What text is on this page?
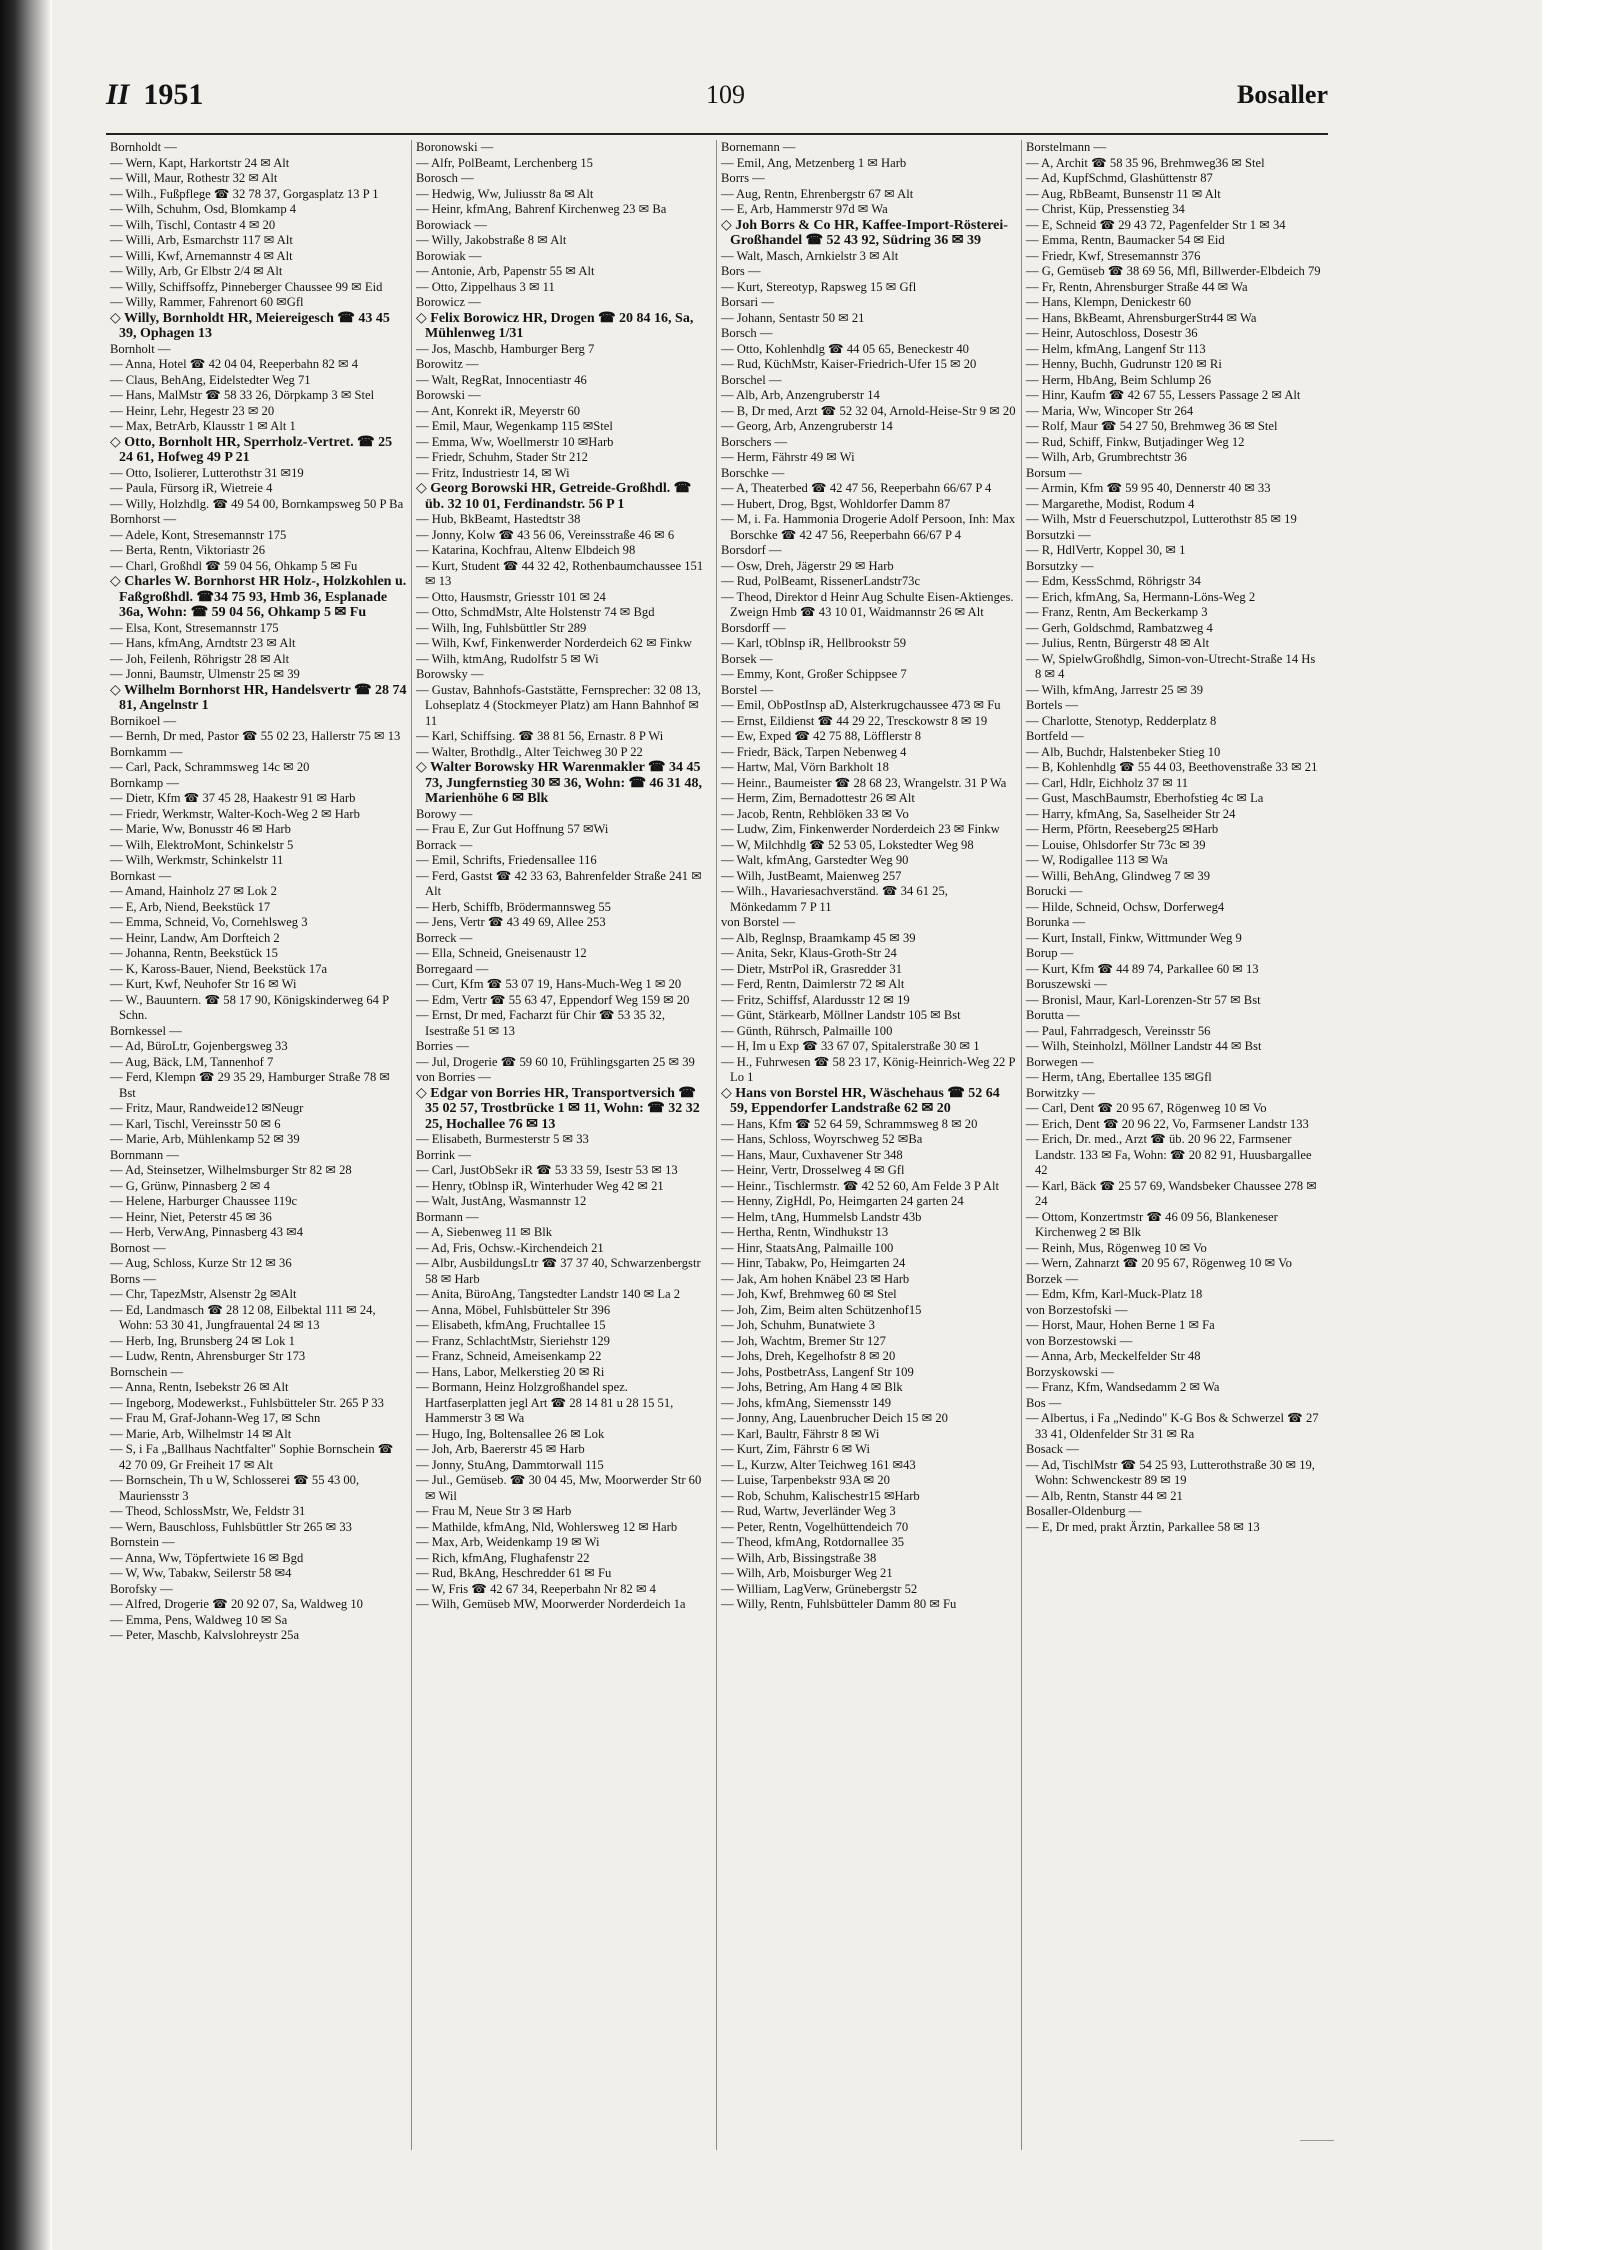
II 1951	109	Bosaller
Bornholdt —
— Wern, Kapt, Harkortstr 24 ✉ Alt
— Will, Maur, Rothestr 32 ✉ Alt
— Wilh., Fußpflege ☎ 32 78 37, Gorgasplatz 13 P 1
— Wilh, Schuhm, Osd, Blomkamp 4
— Wilh, Tischl, Contastr 4 ✉ 20
— Willi, Arb, Esmarchstr 117 ✉ Alt
— Willi, Kwf, Arnemannstr 4 ✉ Alt
— Willy, Arb, Gr Elbstr 2/4 ✉ Alt
— Willy, Schiffsoffz, Pinneberger Chaussee 99 ✉ Eid
— Willy, Rammer, Fahrenort 60 ✉Gfl
◇ Willy, Bornholdt HR, Meiereigesch ☎ 43 45 39, Ophagen 13
Bornholt —
— Anna, Hotel ☎ 42 04 04, Reeperbahn 82 ✉ 4
— Claus, BehAng, Eidelstedter Weg 71
— Hans, MalMstr ☎ 58 33 26, Dörpkamp 3 ✉ Stel
— Heinr, Lehr, Hegestr 23 ✉ 20
— Max, BetrArb, Klausstr 1 ✉ Alt 1
◇ Otto, Bornholt HR, Sperrholz-Vertret. ☎ 25 24 61, Hofweg 49 P 21
— Otto, Isolierer, Lutterothstr 31 ✉19
— Paula, Fürsorg iR, Wietreie 4
— Willy, Holzhdlg. ☎ 49 54 00, Bornkampsweg 50 P Ba
Bornhorst —
— Adele, Kont, Stresemannstr 175
— Berta, Rentn, Viktoriastr 26
— Charl, Großhdl ☎ 59 04 56, Ohkamp 5 ✉ Fu
◇ Charles W. Bornhorst HR Holz-, Holzkohlen u. Faßgroßhdl. ☎34 75 93, Hmb 36, Esplanade 36a, Wohn: ☎ 59 04 56, Ohkamp 5 ✉ Fu
— Elsa, Kont, Stresemannstr 175
— Hans, kfmAng, Arndtstr 23 ✉ Alt
— Joh, Feilenh, Röhrigstr 28 ✉ Alt
— Jonni, Baumstr, Ulmenstr 25 ✉ 39
◇ Wilhelm Bornhorst HR, Handelsvertr ☎ 28 74 81, Angelnstr 1
Bornikoel —
— Bernh, Dr med, Pastor ☎ 55 02 23, Hallerstr 75 ✉ 13
Bornkamm —
— Carl, Pack, Schrammsweg 14c ✉ 20
Bornkamp —
— Dietr, Kfm ☎ 37 45 28, Haakestr 91 ✉ Harb
— Friedr, Werkmstr, Walter-Koch-Weg 2 ✉ Harb
— Marie, Ww, Bonusstr 46 ✉ Harb
— Wilh, ElektroMont, Schinkelstr 5
— Wilh, Werkmstr, Schinkelstr 11
Bornkast —
— Amand, Hainholz 27 ✉ Lok 2
— E, Arb, Niend, Beekstück 17
— Emma, Schneid, Vo, Cornehlsweg 3
— Heinr, Landw, Am Dorfteich 2
— Johanna, Rentn, Beekstück 15
— K, Kaross-Bauer, Niend, Beekstück 17a
— Kurt, Kwf, Neuhofer Str 16 ✉ Wi
— W., Bauuntern. ☎ 58 17 90, Königskinderweg 64 P Schn.
Bornkessel —
— Ad, BüroLtr, Gojenbergsweg 33
— Aug, Bäck, LM, Tannenhof 7
— Ferd, Klempn ☎ 29 35 29, Hamburger Straße 78 ✉ Bst
— Fritz, Maur, Randweide12 ✉Neugr
— Karl, Tischl, Vereinsstr 50 ✉ 6
— Marie, Arb, Mühlenkamp 52 ✉ 39
Bornmann —
— Ad, Steinsetzer, Wilhelmsburger Str 82 ✉ 28
— G, Grünw, Pinnasberg 2 ✉ 4
— Helene, Harburger Chaussee 119c
— Heinr, Niet, Peterstr 45 ✉ 36
— Herb, VerwAng, Pinnasberg 43 ✉4
Bornost —
— Aug, Schloss, Kurze Str 12 ✉ 36
Borns —
— Chr, TapezMstr, Alsenstr 2g ✉Alt
— Ed, Landmasch ☎ 28 12 08, Eilbektal 111 ✉ 24, Wohn: 53 30 41, Jungfrauental 24 ✉ 13
— Herb, Ing, Brunsberg 24 ✉ Lok 1
— Ludw, Rentn, Ahrensburger Str 173
Bornschein —
— Anna, Rentn, Isebekstr 26 ✉ Alt
— Ingeborg, Modewerkst., Fuhlsbütteler Str. 265 P 33
— Frau M, Graf-Johann-Weg 17, ✉ Schn
— Marie, Arb, Wilhelmstr 14 ✉ Alt
— S, i Fa „Ballhaus Nachtfalter" Sophie Bornschein ☎ 42 70 09, Gr Freiheit 17 ✉ Alt
— Bornschein, Th u W, Schlosserei ☎ 55 43 00, Mauriensstr 3
— Theod, SchlossMstr, We, Feldstr 31
— Wern, Bauschloss, Fuhlsbüttler Str 265 ✉ 33
Bornstein —
— Anna, Ww, Töpfertwiete 16 ✉ Bgd
— W, Ww, Tabakw, Seilerstr 58 ✉4
Borofsky —
— Alfred, Drogerie ☎ 20 92 07, Sa, Waldweg 10
— Emma, Pens, Waldweg 10 ✉ Sa
— Peter, Maschb, Kalvslohreystr 25a
Boronowski —
— Alfr, PolBeamt, Lerchenberg 15
Borosch —
— Hedwig, Ww, Juliusstr 8a ✉ Alt
— Heinr, kfmAng, Bahrenf Kirchenweg 23 ✉ Ba
Borowiack —
— Willy, Jakobstraße 8 ✉ Alt
Borowiak —
— Antonie, Arb, Papenstr 55 ✉ Alt
— Otto, Zippelhaus 3 ✉ 11
Borowicz —
◇ Felix Borowicz HR, Drogen ☎ 20 84 16, Sa, Mühlenweg 1/31
— Jos, Maschb, Hamburger Berg 7
Borowitz —
— Walt, RegRat, Innocentiastr 46
Borowski —
— Ant, Konrekt iR, Meyerstr 60
— Emil, Maur, Wegenkamp 115 ✉Stel
— Emma, Ww, Woellmerstr 10 ✉Harb
— Friedr, Schuhm, Stader Str 212
— Fritz, Industriestr 14, ✉ Wi
◇ Georg Borowski HR, Getreide-Großhdl. ☎ üb. 32 10 01, Ferdinandstr. 56 P 1
— Hub, BkBeamt, Hastedtstr 38
— Jonny, Kolw ☎ 43 56 06, Vereinsstraße 46 ✉ 6
— Katarina, Kochfrau, Altenw Elbdeich 98
— Kurt, Student ☎ 44 32 42, Rothenbaumchaussee 151 ✉ 13
— Otto, Hausmstr, Griesstr 101 ✉ 24
— Otto, SchmdMstr, Alte Holstenstr 74 ✉ Bgd
— Wilh, Ing, Fuhlsbüttler Str 289
— Wilh, Kwf, Finkenwerder Norderdeich 62 ✉ Finkw
— Wilh, ktmAng, Rudolfstr 5 ✉ Wi
Borowsky —
— Gustav, Bahnhofs-Gaststätte, Fernsprecher: 32 08 13, Lohseplatz 4 (Stockmeyer Platz) am Hann Bahnhof ✉ 11
— Karl, Schiffsing. ☎ 38 81 56, Ernastr. 8 P Wi
— Walter, Brothdlg., Alter Teichweg 30 P 22
◇ Walter Borowsky HR Warenmakler ☎ 34 45 73, Jungfernstieg 30 ✉ 36, Wohn: ☎ 46 31 48, Marienhöhe 6 ✉ Blk
Borowy —
— Frau E, Zur Gut Hoffnung 57 ✉Wi
Borrack —
— Emil, Schrifts, Friedensallee 116
— Ferd, Gastst ☎ 42 33 63, Bahrenfelder Straße 241 ✉ Alt
— Herb, Schiffb, Brödermannsweg 55
— Jens, Vertr ☎ 43 49 69, Allee 253
Borreck —
— Ella, Schneid, Gneisenaustr 12
Borregaard —
— Curt, Kfm ☎ 53 07 19, Hans-Much-Weg 1 ✉ 20
— Edm, Vertr ☎ 55 63 47, Eppendorf Weg 159 ✉ 20
— Ernst, Dr med, Facharzt für Chir ☎ 53 35 32, Isestraße 51 ✉ 13
Borries —
— Jul, Drogerie ☎ 59 60 10, Frühlingsgarten 25 ✉ 39
von Borries —
◇ Edgar von Borries HR, Transportversich ☎ 35 02 57, Trostbrücke 1 ✉ 11, Wohn: ☎ 32 32 25, Hochallee 76 ✉ 13
— Elisabeth, Burmesterstr 5 ✉ 33
Borrink —
— Carl, JustObSekr iR ☎ 53 33 59, Isestr 53 ✉ 13
— Henry, tOblnsp iR, Winterhuder Weg 42 ✉ 21
— Walt, JustAng, Wasmannstr 12
Bormann —
— A, Siebenweg 11 ✉ Blk
— Ad, Fris, Ochsw.-Kirchendeich 21
— Albr, AusbildungsLtr ☎ 37 37 40, Schwarzenbergstr 58 ✉ Harb
— Anita, BüroAng, Tangstedter Landstr 140 ✉ La 2
— Anna, Möbel, Fuhlsbütteler Str 396
— Elisabeth, kfmAng, Fruchtallee 15
— Franz, SchlachtMstr, Sieriehstr 129
— Franz, Schneid, Ameisenkamp 22
— Hans, Labor, Melkerstieg 20 ✉ Ri
— Bormann, Heinz Holzgroßhandel spez. Hartfaserplatten jegl Art ☎ 28 14 81 u 28 15 51, Hammerstr 3 ✉ Wa
— Hugo, Ing, Boltensallee 26 ✉ Lok
— Joh, Arb, Baererstr 45 ✉ Harb
— Jonny, StuAng, Dammtorwall 115
— Jul., Gemüseb. ☎ 30 04 45, Mw, Moorwerder Str 60 ✉ Wil
— Frau M, Neue Str 3 ✉ Harb
— Mathilde, kfmAng, Nld, Wohlersweg 12 ✉ Harb
— Max, Arb, Weidenkamp 19 ✉ Wi
— Rich, kfmAng, Flughafenstr 22
— Rud, BkAng, Heschredder 61 ✉ Fu
— W, Fris ☎ 42 67 34, Reeperbahn Nr 82 ✉ 4
— Wilh, Gemüseb MW, Moorwerder Norderdeich 1a
Bornemann —
— Emil, Ang, Metzenberg 1 ✉ Harb
Borrs —
— Aug, Rentn, Ehrenbergstr 67 ✉ Alt
— E, Arb, Hammerstr 97d ✉ Wa
◇ Joh Borrs & Co HR, Kaffee-Import-Rösterei-Großhandel ☎ 52 43 92, Südring 36 ✉ 39
— Walt, Masch, Arnkielstr 3 ✉ Alt
Bors —
— Kurt, Stereotyp, Rapsweg 15 ✉ Gfl
Borsari —
— Johann, Sentastr 50 ✉ 21
Borsch —
— Otto, Kohlenhdlg ☎ 44 05 65, Beneckestr 40
— Rud, KüchMstr, Kaiser-Friedrich-Ufer 15 ✉ 20
Borschel —
— Alb, Arb, Anzengruberstr 14
— B, Dr med, Arzt ☎ 52 32 04, Arnold-Heise-Str 9 ✉ 20
— Georg, Arb, Anzengruberstr 14
Borschers —
— Herm, Fährstr 49 ✉ Wi
Borschke —
— A, Theaterbed ☎ 42 47 56, Reeperbahn 66/67 P 4
— Hubert, Drog, Bgst, Wohldorfer Damm 87
— M, i. Fa. Hammonia Drogerie Adolf Persoon, Inh: Max Borschke ☎ 42 47 56, Reeperbahn 66/67 P 4
Borsdorf —
— Osw, Dreh, Jägerstr 29 ✉ Harb
— Rud, PolBeamt, RissenerLandstr73c
— Theod, Direktor d Heinr Aug Schulte Eisen-Aktienges. Zweign Hmb ☎ 43 10 01, Waidmannstr 26 ✉ Alt
Borsdorff —
— Karl, tOblnsp iR, Hellbrookstr 59
Borsek —
— Emmy, Kont, Großer Schippsee 7
Borstel —
— Emil, ObPostInsp aD, Alsterkrugchaussee 473 ✉ Fu
— Ernst, Eildienst ☎ 44 29 22, Tresckowstr 8 ✉ 19
— Ew, Exped ☎ 42 75 88, Löfflerstr 8
— Friedr, Bäck, Tarpen Nebenweg 4
— Hartw, Mal, Vörn Barkholt 18
— Heinr., Baumeister ☎ 28 68 23, Wrangelstr. 31 P Wa
— Herm, Zim, Bernadottestr 26 ✉ Alt
— Jacob, Rentn, Rehblöken 33 ✉ Vo
— Ludw, Zim, Finkenwerder Norderdeich 23 ✉ Finkw
— W, Milchhdlg ☎ 52 53 05, Lokstedter Weg 98
— Walt, kfmAng, Garstedter Weg 90
— Wilh, JustBeamt, Maienweg 257
— Wilh., Havariesachverständ. ☎ 34 61 25, Mönkedamm 7 P 11
von Borstel —
— Alb, Reglnsp, Braamkamp 45 ✉ 39
— Anita, Sekr, Klaus-Groth-Str 24
— Dietr, MstrPol iR, Grasredder 31
— Ferd, Rentn, Daimlerstr 72 ✉ Alt
— Fritz, Schiffsf, Alardusstr 12 ✉ 19
— Günt, Stärkearb, Möllner Landstr 105 ✉ Bst
— Günth, Rührsch, Palmaille 100
— H, Im u Exp ☎ 33 67 07, Spitalerstraße 30 ✉ 1
— H., Fuhrwesen ☎ 58 23 17, König-Heinrich-Weg 22 P Lo 1
◇ Hans von Borstel HR, Wäschehaus ☎ 52 64 59, Eppendorfer Landstraße 62 ✉ 20
— Hans, Kfm ☎ 52 64 59, Schrammsweg 8 ✉ 20
— Hans, Schloss, Woyrschweg 52 ✉Ba
— Hans, Maur, Cuxhavener Str 348
— Heinr, Vertr, Drosselweg 4 ✉ Gfl
— Heinr., Tischlermstr. ☎ 42 52 60, Am Felde 3 P Alt
— Henny, ZigHdl, Po, Heimgarten 24 garten 24
— Helm, tAng, Hummelsb Landstr 43b
— Hertha, Rentn, Windhukstr 13
— Hinr, StaatsAng, Palmaille 100
— Hinr, Tabakw, Po, Heimgarten 24
— Jak, Am hohen Knäbel 23 ✉ Harb
— Joh, Kwf, Brehmweg 60 ✉ Stel
— Joh, Zim, Beim alten Schützenhof15
— Joh, Schuhm, Bunatwiete 3
— Joh, Wachtm, Bremer Str 127
— Johs, Dreh, Kegelhofstr 8 ✉ 20
— Johs, PostbetrAss, Langenf Str 109
— Johs, Betring, Am Hang 4 ✉ Blk
— Johs, kfmAng, Siemensstr 149
— Jonny, Ang, Lauenbrucher Deich 15 ✉ 20
— Karl, Baultr, Fährstr 8 ✉ Wi
— Kurt, Zim, Fährstr 6 ✉ Wi
— L, Kurzw, Alter Teichweg 161 ✉43
— Luise, Tarpenbekstr 93A ✉ 20
— Rob, Schuhm, Kalischestr15 ✉Harb
— Rud, Wartw, Jeverländer Weg 3
— Peter, Rentn, Vogelhüttendeich 70
— Theod, kfmAng, Rotdornallee 35
— Wilh, Arb, Bissingstraße 38
— Wilh, Arb, Moisburger Weg 21
— William, LagVerw, Grünebergstr 52
— Willy, Rentn, Fuhlsbütteler Damm 80 ✉ Fu
Borstelmann —
— A, Archit ☎ 58 35 96, Brehmweg36 ✉ Stel
— Ad, KupfSchmd, Glashüttenstr 87
— Aug, RbBeamt, Bunsenstr 11 ✉ Alt
— Christ, Küp, Pressenstieg 34
— E, Schneid ☎ 29 43 72, Pagenfelder Str 1 ✉ 34
— Emma, Rentn, Baumacker 54 ✉ Eid
— Friedr, Kwf, Stresemannstr 376
— G, Gemüseb ☎ 38 69 56, Mfl, Billwerder-Elbdeich 79
— Fr, Rentn, Ahrensburger Straße 44 ✉ Wa
— Hans, Klempn, Denickestr 60
— Hans, BkBeamt, AhrensburgerStr44 ✉ Wa
— Heinr, Autoschloss, Dosestr 36
— Helm, kfmAng, Langenf Str 113
— Henny, Buchh, Gudrunstr 120 ✉ Ri
— Herm, HbAng, Beim Schlump 26
— Hinr, Kaufm ☎ 42 67 55, Lessers Passage 2 ✉ Alt
— Maria, Ww, Wincoper Str 264
— Rolf, Maur ☎ 54 27 50, Brehmweg 36 ✉ Stel
— Rud, Schiff, Finkw, Butjadinger Weg 12
— Wilh, Arb, Grumbrechtstr 36
Borsum —
— Armin, Kfm ☎ 59 95 40, Dennerstr 40 ✉ 33
— Margarethe, Modist, Rodum 4
— Wilh, Mstr d Feuerschutzpol, Lutterothstr 85 ✉ 19
Borsutzki —
— R, HdlVertr, Koppel 30, ✉ 1
Borsutzky —
— Edm, KessSchmd, Röhrigstr 34
— Erich, kfmAng, Sa, Hermann-Löns-Weg 2
— Franz, Rentn, Am Beckerkamp 3
— Gerh, Goldschmd, Rambatzweg 4
— Julius, Rentn, Bürgerstr 48 ✉ Alt
— W, SpielwGroßhdlg, Simon-von-Utrecht-Straße 14 Hs 8 ✉ 4
— Wilh, kfmAng, Jarrestr 25 ✉ 39
Bortels —
— Charlotte, Stenotyp, Redderplatz 8
Bortfeld —
— Alb, Buchdr, Halstenbeker Stieg 10
— B, Kohlenhdlg ☎ 55 44 03, Beethovenstraße 33 ✉ 21
— Carl, Hdlr, Eichholz 37 ✉ 11
— Gust, MaschBaumstr, Eberhofstieg 4c ✉ La
— Harry, kfmAng, Sa, Saselheider Str 24
— Herm, Pförtn, Reeseberg25 ✉Harb
— Louise, Ohlsdorfer Str 73c ✉ 39
— W, Rodigallee 113 ✉ Wa
— Willi, BehAng, Glindweg 7 ✉ 39
Borucki —
— Hilde, Schneid, Ochsw, Dorferweg4
Borunka —
— Kurt, Install, Finkw, Wittmunder Weg 9
Borup —
— Kurt, Kfm ☎ 44 89 74, Parkallee 60 ✉ 13
Boruszewski —
— Bronisl, Maur, Karl-Lorenzen-Str 57 ✉ Bst
Borutta —
— Paul, Fahrradgesch, Vereinsstr 56
— Wilh, Steinholzl, Möllner Landstr 44 ✉ Bst
Borwegen —
— Herm, tAng, Ebertallee 135 ✉Gfl
Borwitzky —
— Carl, Dent ☎ 20 95 67, Rögenweg 10 ✉ Vo
— Erich, Dent ☎ 20 96 22, Vo, Farmsener Landstr 133
— Erich, Dr. med., Arzt ☎ üb. 20 96 22, Farmsener Landstr. 133 ✉ Fa, Wohn: ☎ 20 82 91, Huusbargallee 42
— Karl, Bäck ☎ 25 57 69, Wandsbeker Chaussee 278 ✉ 24
— Ottom, Konzertmstr ☎ 46 09 56, Blankeneser Kirchenweg 2 ✉ Blk
— Reinh, Mus, Rögenweg 10 ✉ Vo
— Wern, Zahnarzt ☎ 20 95 67, Rögenweg 10 ✉ Vo
Borzek —
— Edm, Kfm, Karl-Muck-Platz 18
von Borzestofski —
— Horst, Maur, Hohen Berne 1 ✉ Fa
von Borzestowski —
— Anna, Arb, Meckelfelder Str 48
Borzyskowski —
— Franz, Kfm, Wandsedamm 2 ✉ Wa
Bos —
— Albertus, i Fa „Nedindo" K-G Bos & Schwerzel ☎ 27 33 41, Oldenfelder Str 31 ✉ Ra
Bosack —
— Ad, TischlMstr ☎ 54 25 93, Lutterothstraße 30 ✉ 19, Wohn: Schwenckestr 89 ✉ 19
— Alb, Rentn, Stanstr 44 ✉ 21
Bosaller-Oldenburg —
— E, Dr med, prakt Ärztin, Parkallee 58 ✉ 13
